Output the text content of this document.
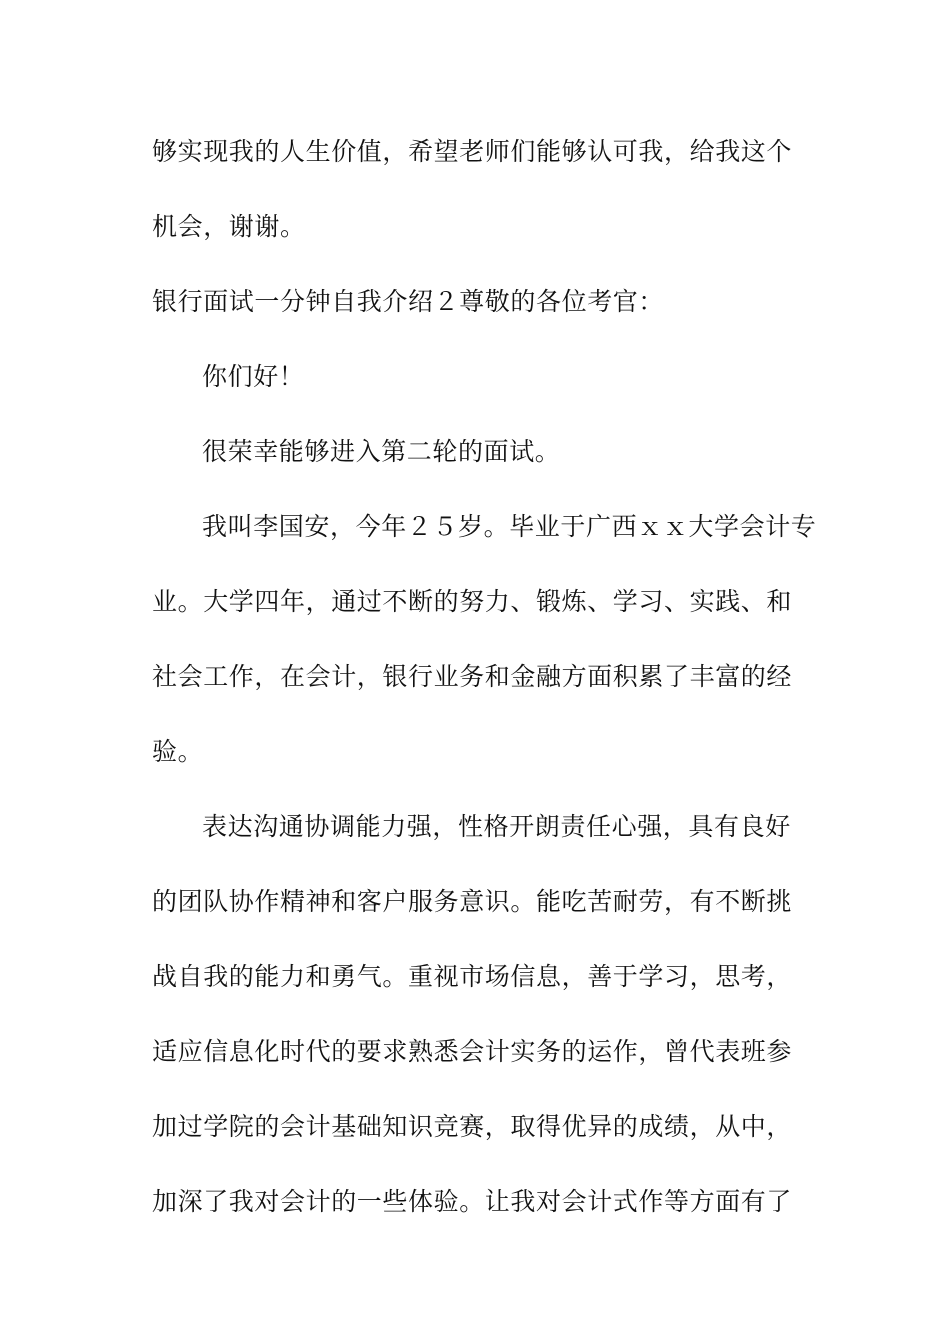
够实现我的人生价值，希望老师们能够认可我，给我这个
机会，谢谢。
银行面试一分钟自我介绍２尊敬的各位考官：
你们好！
很荣幸能够进入第二轮的面试。
我叫李国安，今年２５岁。毕业于广西ｘｘ大学会计专
业。大学四年，通过不断的努力、锻炼、学习、实践、和
社会工作，在会计，银行业务和金融方面积累了丰富的经
验。
表达沟通协调能力强，性格开朗责任心强，具有良好
的团队协作精神和客户服务意识。能吃苦耐劳，有不断挑
战自我的能力和勇气。重视市场信息，善于学习，思考，
适应信息化时代的要求熟悉会计实务的运作，曾代表班参
加过学院的会计基础知识竞赛，取得优异的成绩，从中，
加深了我对会计的一些体验。让我对会计式作等方面有了
